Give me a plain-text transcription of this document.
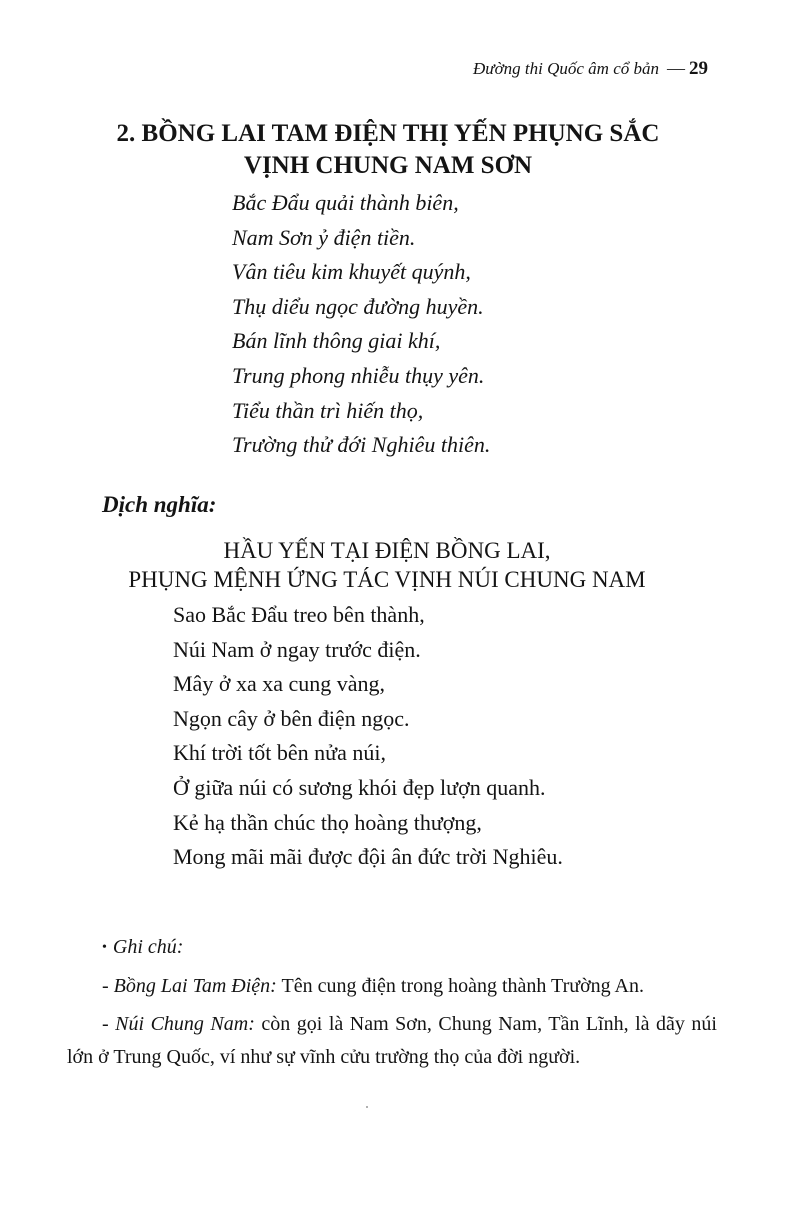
Đường thi Quốc âm cổ bản — 29
2. BỒNG LAI TAM ĐIỆN THỊ YẾN PHỤNG SẮC
VỊNH CHUNG NAM SƠN
Bắc Đẩu quải thành biên,
Nam Sơn ỷ điện tiền.
Vân tiêu kim khuyết quýnh,
Thụ diểu ngọc đường huyền.
Bán lĩnh thông giai khí,
Trung phong nhiễu thụy yên.
Tiểu thần trì hiến thọ,
Trường thử đới Nghiêu thiên.
Dịch nghĩa:
HẦU YẾN TẠI ĐIỆN BỒNG LAI,
PHỤNG MỆNH ỨNG TÁC VỊNH NÚI CHUNG NAM
Sao Bắc Đẩu treo bên thành,
Núi Nam ở ngay trước điện.
Mây ở xa xa cung vàng,
Ngọn cây ở bên điện ngọc.
Khí trời tốt bên nửa núi,
Ở giữa núi có sương khói đẹp lượn quanh.
Kẻ hạ thần chúc thọ hoàng thượng,
Mong mãi mãi được đội ân đức trời Nghiêu.
• Ghi chú:
- Bồng Lai Tam Điện: Tên cung điện trong hoàng thành Trường An.
- Núi Chung Nam: còn gọi là Nam Sơn, Chung Nam, Tần Lĩnh, là dãy núi lớn ở Trung Quốc, ví như sự vĩnh cửu trường thọ của đời người.
